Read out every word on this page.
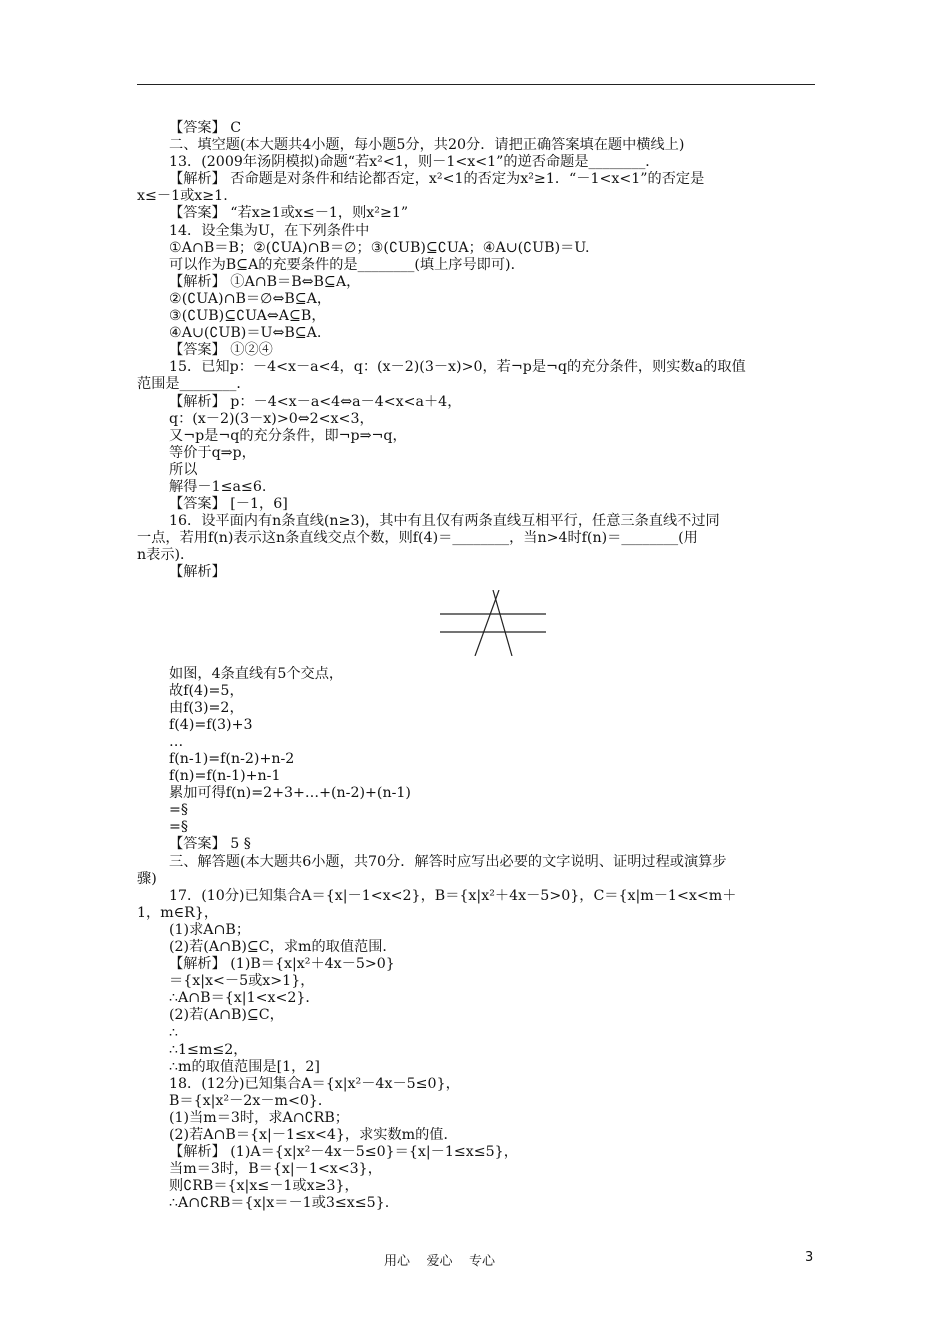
【答案】 C
二、填空题(本大题共4小题，每小题5分，共20分．请把正确答案填在题中横线上)
13．(2009年汤阴模拟)命题“若x²<1，则－1<x<1”的逆否命题是________．
【解析】 否命题是对条件和结论都否定，x²<1的否定为x²≥1．“－1<x<1”的否定是
x≤－1或x≥1.
【答案】 “若x≥1或x≤－1，则x²≥1”
14．设全集为U，在下列条件中
①A∩B＝B；②(∁UA)∩B＝∅；③(∁UB)⊆∁UA；④A∪(∁UB)＝U.
可以作为B⊆A的充要条件的是________(填上序号即可)．
【解析】 ①A∩B＝B⇔B⊆A，
②(∁UA)∩B＝∅⇔B⊆A，
③(∁UB)⊆∁UA⇔A⊆B，
④A∪(∁UB)＝U⇔B⊆A.
【答案】 ①②④
15．已知p：－4<x－a<4，q：(x－2)(3－x)>0，若¬p是¬q的充分条件，则实数a的取值
范围是________．
【解析】 p：－4<x－a<4⇔a－4<x<a＋4，
q：(x－2)(3－x)>0⇔2<x<3，
又¬p是¬q的充分条件，即¬p⇒¬q，
等价于q⇒p，
所以
解得－1≤a≤6.
【答案】 [－1，6]
16．设平面内有n条直线(n≥3)，其中有且仅有两条直线互相平行，任意三条直线不过同
一点，若用f(n)表示这n条直线交点个数，则f(4)＝________，当n>4时f(n)＝________(用
n表示)．
【解析】
如图，4条直线有5个交点，
故f(4)=5，
由f(3)=2，
f(4)=f(3)+3
…
f(n-1)=f(n-2)+n-2
f(n)=f(n-1)+n-1
累加可得f(n)=2+3+…+(n-2)+(n-1)
=§
=§
【答案】 5 §
三、解答题(本大题共6小题，共70分．解答时应写出必要的文字说明、证明过程或演算步
骤)
17．(10分)已知集合A＝{x|－1<x<2}，B＝{x|x²＋4x－5>0}，C＝{x|m－1<x<m＋
1，m∈R}，
(1)求A∩B；
(2)若(A∩B)⊆C，求m的取值范围．
【解析】 (1)B＝{x|x²＋4x－5>0}
＝{x|x<－5或x>1}，
∴A∩B＝{x|1<x<2}．
(2)若(A∩B)⊆C，
∴
∴1≤m≤2，
∴m的取值范围是[1，2]
18．(12分)已知集合A＝{x|x²－4x－5≤0}，
B＝{x|x²－2x－m<0}．
(1)当m＝3时，求A∩∁RB；
(2)若A∩B＝{x|－1≤x<4}，求实数m的值．
【解析】 (1)A＝{x|x²－4x－5≤0}＝{x|－1≤x≤5}，
当m＝3时，B＝{x|－1<x<3}，
则∁RB＝{x|x≤－1或x≥3}，
∴A∩∁RB＝{x|x＝－1或3≤x≤5}.
用心    爱心    专心	3
